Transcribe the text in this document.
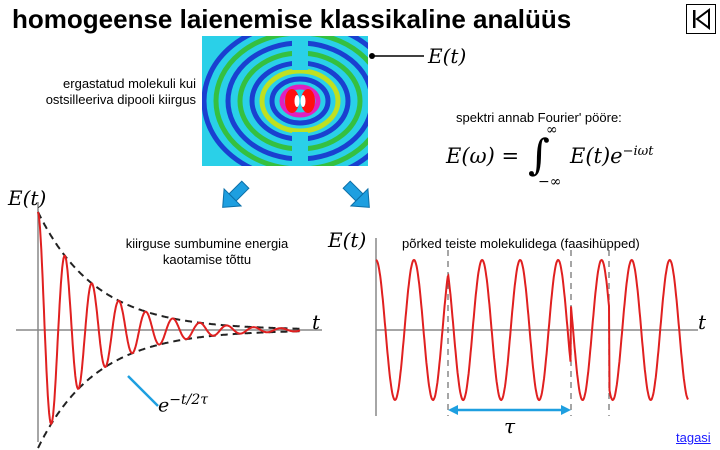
homogeense laienemise klassikaline analüüs
E(t)
ergastatud molekuli kui ostsilleeriva dipooli kiirgus
spektri annab Fourier' pööre:
E(ω) = ∫
∞
−∞
$E(t)e^{-i\omega t}$
E(t)
t
kiirguse sumbumine energia kaotamise tõttu
$e^{-t/2\tau}$
E(t)
t
põrked teiste molekulidega (faasihüpped)
τ	tagasi
